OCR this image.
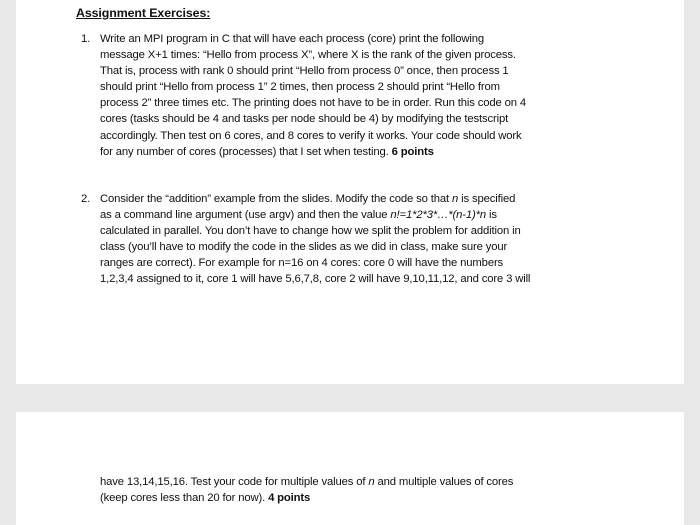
Assignment Exercises:
1. Write an MPI program in C that will have each process (core) print the following
message X+1 times: “Hello from process X”, where X is the rank of the given process.
That is, process with rank 0 should print “Hello from process 0” once, then process 1
should print “Hello from process 1” 2 times, then process 2 should print “Hello from
process 2” three times etc. The printing does not have to be in order. Run this code on 4
cores (tasks should be 4 and tasks per node should be 4) by modifying the testscript
accordingly. Then test on 6 cores, and 8 cores to verify it works. Your code should work
for any number of cores (processes) that I set when testing. 6 points
2. Consider the “addition” example from the slides. Modify the code so that n is specified
as a command line argument (use argv) and then the value n!=1*2*3*…*(n-1)*n is
calculated in parallel. You don’t have to change how we split the problem for addition in
class (you’ll have to modify the code in the slides as we did in class, make sure your
ranges are correct). For example for n=16 on 4 cores: core 0 will have the numbers
1,2,3,4 assigned to it, core 1 will have 5,6,7,8, core 2 will have 9,10,11,12, and core 3 will
have 13,14,15,16. Test your code for multiple values of n and multiple values of cores
(keep cores less than 20 for now). 4 points
